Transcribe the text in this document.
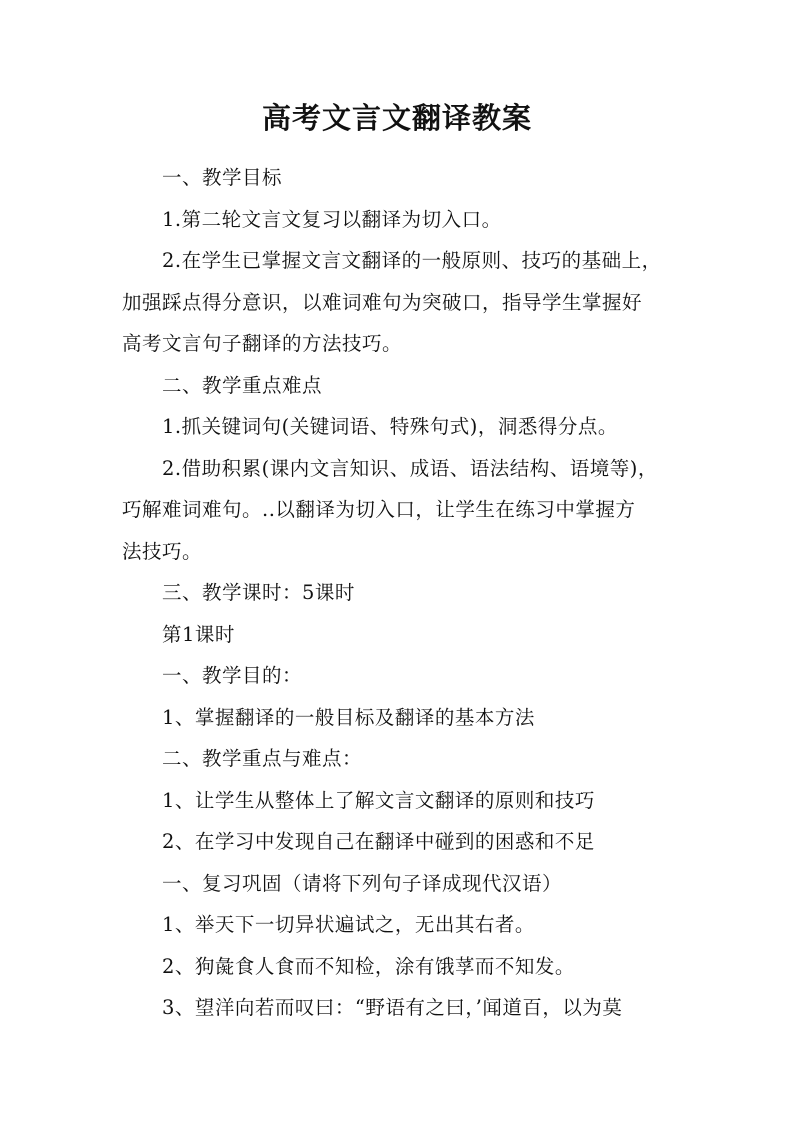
高考文言文翻译教案

一、教学目标

1.第二轮文言文复习以翻译为切入口。

2.在学生已掌握文言文翻译的一般原则、技巧的基础上，

加强踩点得分意识，以难词难句为突破口，指导学生掌握好

高考文言句子翻译的方法技巧。

二、教学重点难点

1.抓关键词句(关键词语、特殊句式)，洞悉得分点。

2.借助积累(课内文言知识、成语、语法结构、语境等)，

巧解难词难句。..以翻译为切入口，让学生在练习中掌握方

法技巧。

三、教学课时：5课时

第1课时

一、教学目的：

1、掌握翻译的一般目标及翻译的基本方法

二、教学重点与难点：

1、让学生从整体上了解文言文翻译的原则和技巧

2、在学习中发现自己在翻译中碰到的困惑和不足

一、复习巩固（请将下列句子译成现代汉语）

1、举天下一切异状遍试之，无出其右者。

2、狗彘食人食而不知检，涂有饿莩而不知发。

3、望洋向若而叹曰：“野语有之曰，’闻道百，以为莫
